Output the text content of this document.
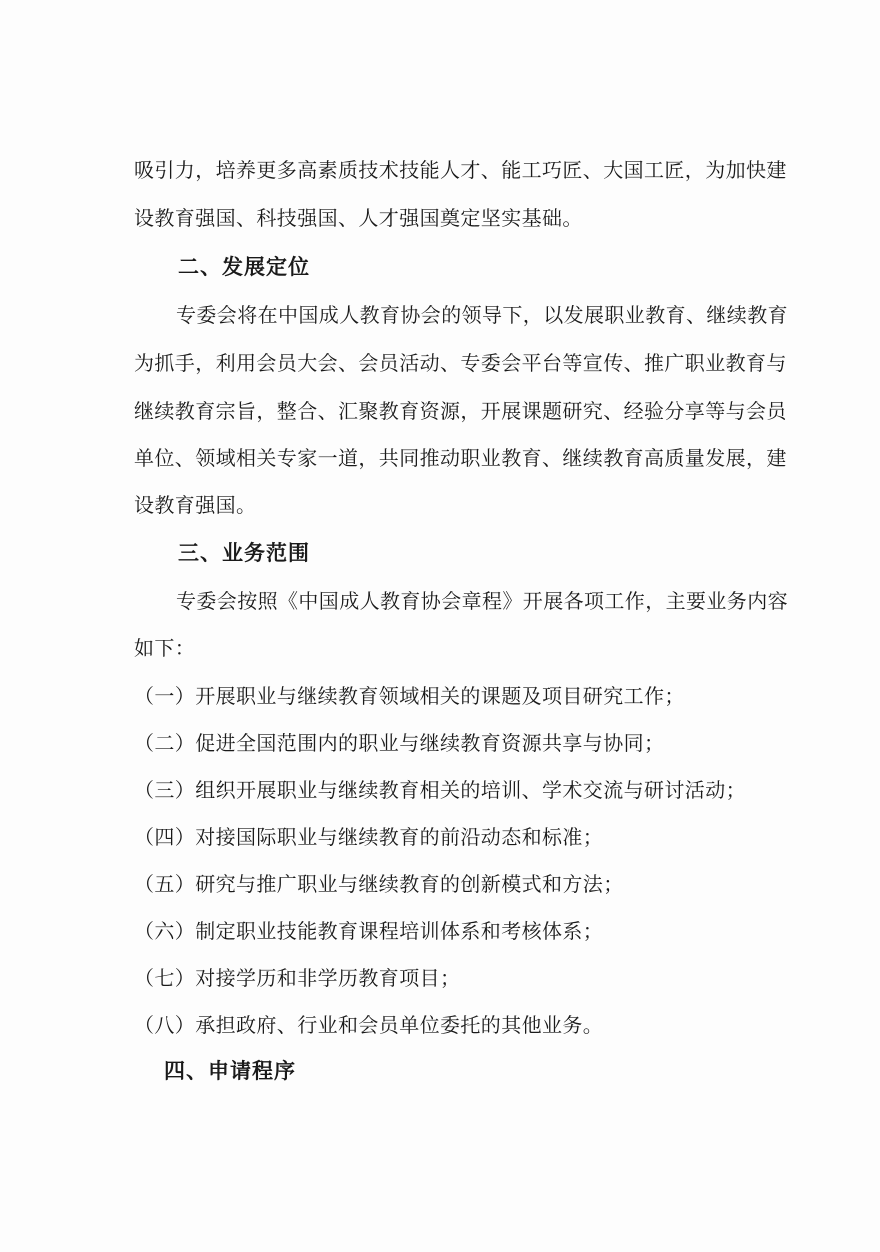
吸引力，培养更多高素质技术技能人才、能工巧匠、大国工匠，为加快建
设教育强国、科技强国、人才强国奠定坚实基础。
二、发展定位
专委会将在中国成人教育协会的领导下，以发展职业教育、继续教育
为抓手，利用会员大会、会员活动、专委会平台等宣传、推广职业教育与
继续教育宗旨，整合、汇聚教育资源，开展课题研究、经验分享等与会员
单位、领域相关专家一道，共同推动职业教育、继续教育高质量发展，建
设教育强国。
三、业务范围
专委会按照《中国成人教育协会章程》开展各项工作，主要业务内容
如下：
（一）开展职业与继续教育领域相关的课题及项目研究工作；
（二）促进全国范围内的职业与继续教育资源共享与协同；
（三）组织开展职业与继续教育相关的培训、学术交流与研讨活动；
（四）对接国际职业与继续教育的前沿动态和标准；
（五）研究与推广职业与继续教育的创新模式和方法；
（六）制定职业技能教育课程培训体系和考核体系；
（七）对接学历和非学历教育项目；
（八）承担政府、行业和会员单位委托的其他业务。
四、申请程序
